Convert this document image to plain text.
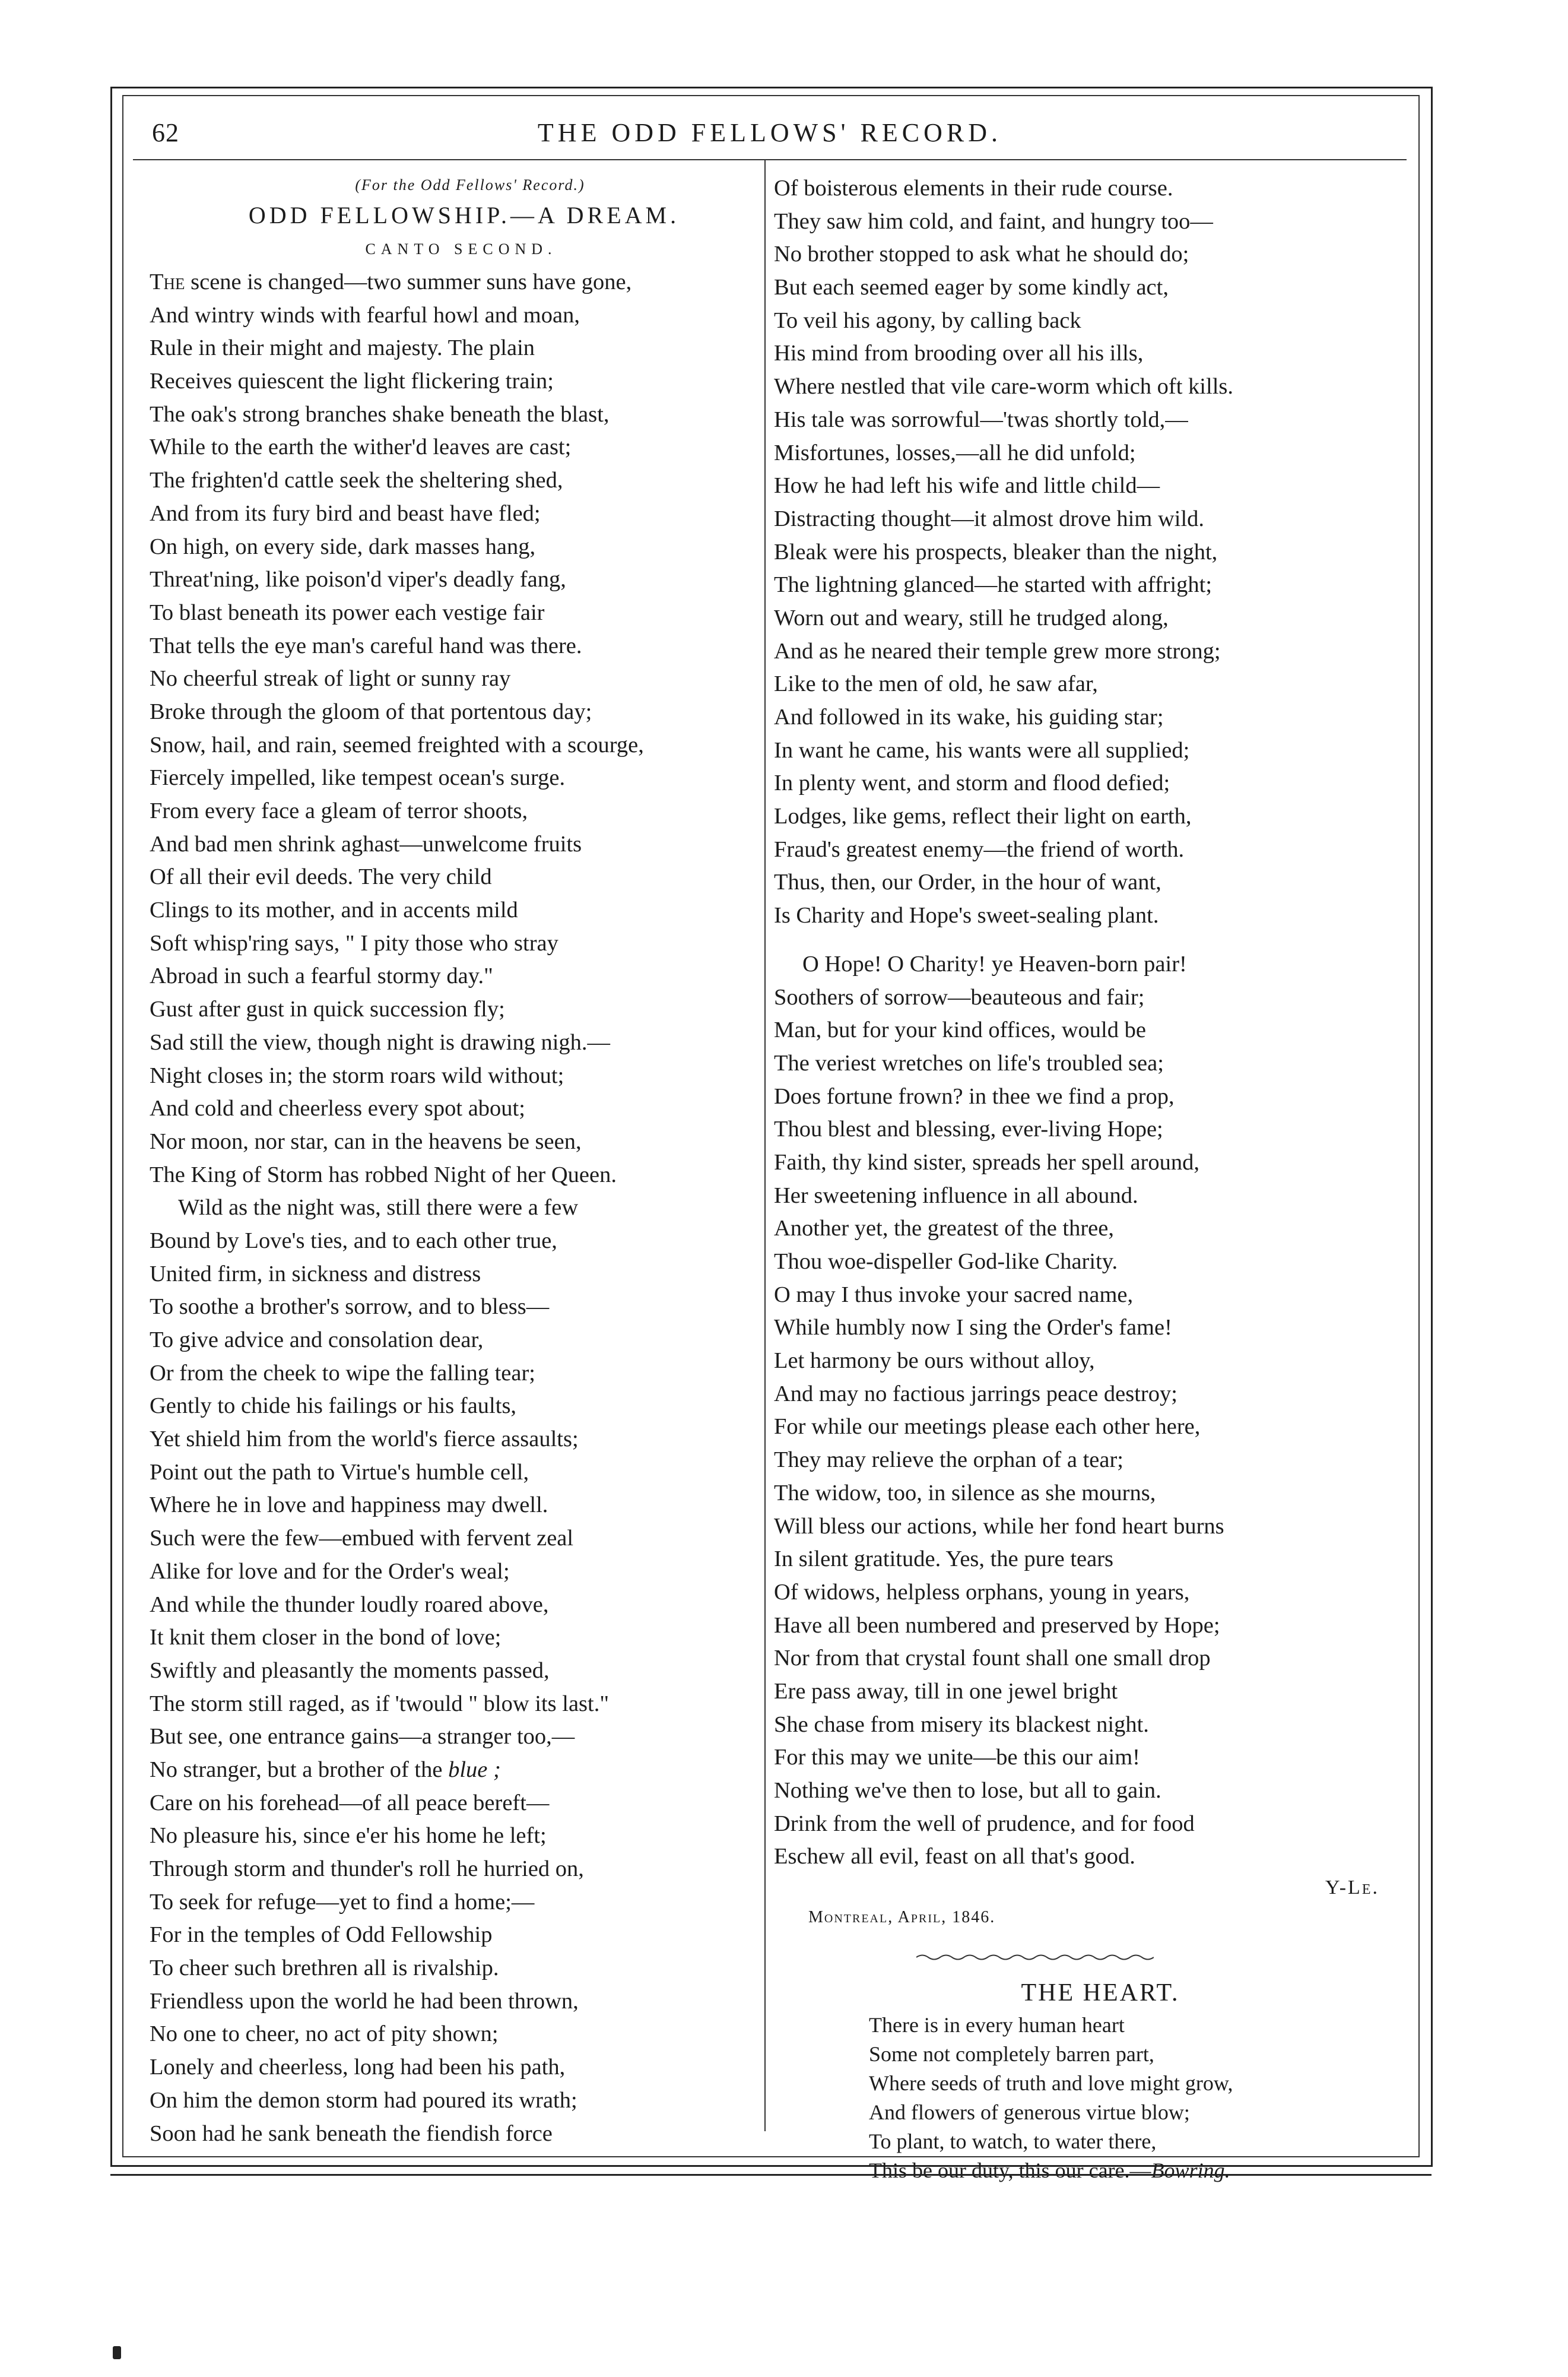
62	THE ODD FELLOWS' RECORD.
(For the Odd Fellows' Record.)
ODD FELLOWSHIP.—A DREAM.
CANTO SECOND.
The scene is changed—two summer suns have gone,
And wintry winds with fearful howl and moan,
Rule in their might and majesty. The plain
Receives quiescent the light flickering train;
The oak's strong branches shake beneath the blast,
While to the earth the wither'd leaves are cast;
The frighten'd cattle seek the sheltering shed,
And from its fury bird and beast have fled;
On high, on every side, dark masses hang,
Threat'ning, like poison'd viper's deadly fang,
To blast beneath its power each vestige fair
That tells the eye man's careful hand was there.
No cheerful streak of light or sunny ray
Broke through the gloom of that portentous day;
Snow, hail, and rain, seemed freighted with a scourge,
Fiercely impelled, like tempest ocean's surge.
From every face a gleam of terror shoots,
And bad men shrink aghast—unwelcome fruits
Of all their evil deeds. The very child
Clings to its mother, and in accents mild
Soft whisp'ring says, " I pity those who stray
Abroad in such a fearful stormy day."
Gust after gust in quick succession fly;
Sad still the view, though night is drawing nigh.—
Night closes in; the storm roars wild without;
And cold and cheerless every spot about;
Nor moon, nor star, can in the heavens be seen,
The King of Storm has robbed Night of her Queen.
Wild as the night was, still there were a few
Bound by Love's ties, and to each other true,
United firm, in sickness and distress
To soothe a brother's sorrow, and to bless—
To give advice and consolation dear,
Or from the cheek to wipe the falling tear;
Gently to chide his failings or his faults,
Yet shield him from the world's fierce assaults;
Point out the path to Virtue's humble cell,
Where he in love and happiness may dwell.
Such were the few—embued with fervent zeal
Alike for love and for the Order's weal;
And while the thunder loudly roared above,
It knit them closer in the bond of love;
Swiftly and pleasantly the moments passed,
The storm still raged, as if 'twould " blow its last."
But see, one entrance gains—a stranger too,—
No stranger, but a brother of the blue ;
Care on his forehead—of all peace bereft—
No pleasure his, since e'er his home he left;
Through storm and thunder's roll he hurried on,
To seek for refuge—yet to find a home;—
For in the temples of Odd Fellowship
To cheer such brethren all is rivalship.
Friendless upon the world he had been thrown,
No one to cheer, no act of pity shown;
Lonely and cheerless, long had been his path,
On him the demon storm had poured its wrath;
Soon had he sank beneath the fiendish force
Of boisterous elements in their rude course.
They saw him cold, and faint, and hungry too—
No brother stopped to ask what he should do;
But each seemed eager by some kindly act,
To veil his agony, by calling back
His mind from brooding over all his ills,
Where nestled that vile care-worm which oft kills.
His tale was sorrowful—'twas shortly told,—
Misfortunes, losses,—all he did unfold;
How he had left his wife and little child—
Distracting thought—it almost drove him wild.
Bleak were his prospects, bleaker than the night,
The lightning glanced—he started with affright;
Worn out and weary, still he trudged along,
And as he neared their temple grew more strong;
Like to the men of old, he saw afar,
And followed in its wake, his guiding star;
In want he came, his wants were all supplied;
In plenty went, and storm and flood defied;
Lodges, like gems, reflect their light on earth,
Fraud's greatest enemy—the friend of worth.
Thus, then, our Order, in the hour of want,
Is Charity and Hope's sweet-sealing plant.
O Hope! O Charity! ye Heaven-born pair!
Soothers of sorrow—beauteous and fair;
Man, but for your kind offices, would be
The veriest wretches on life's troubled sea;
Does fortune frown? in thee we find a prop,
Thou blest and blessing, ever-living Hope;
Faith, thy kind sister, spreads her spell around,
Her sweetening influence in all abound.
Another yet, the greatest of the three,
Thou woe-dispeller God-like Charity.
O may I thus invoke your sacred name,
While humbly now I sing the Order's fame!
Let harmony be ours without alloy,
And may no factious jarrings peace destroy;
For while our meetings please each other here,
They may relieve the orphan of a tear;
The widow, too, in silence as she mourns,
Will bless our actions, while her fond heart burns
In silent gratitude. Yes, the pure tears
Of widows, helpless orphans, young in years,
Have all been numbered and preserved by Hope;
Nor from that crystal fount shall one small drop
Ere pass away, till in one jewel bright
She chase from misery its blackest night.
For this may we unite—be this our aim!
Nothing we've then to lose, but all to gain.
Drink from the well of prudence, and for food
Eschew all evil, feast on all that's good.
Y-Le.
Montreal, April, 1846.
THE HEART.
There is in every human heart
Some not completely barren part,
Where seeds of truth and love might grow,
And flowers of generous virtue blow;
To plant, to watch, to water there,
This be our duty, this our care.—Bowring.
